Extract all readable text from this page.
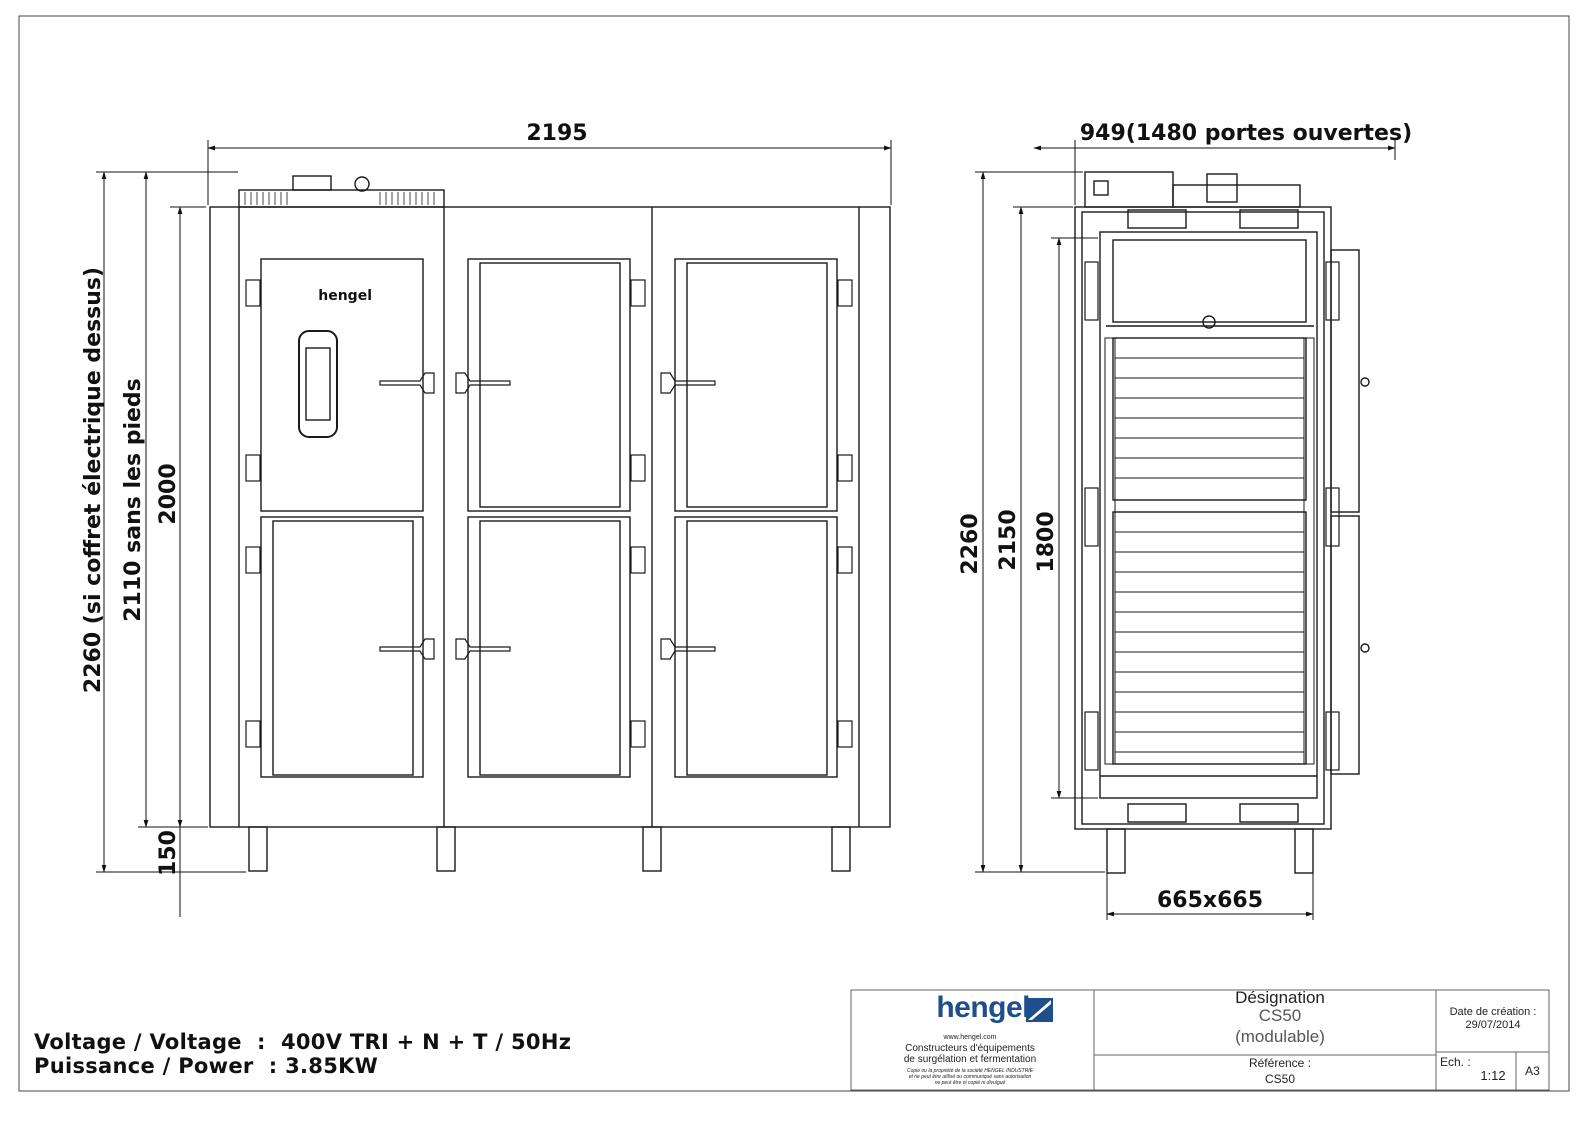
hengel
2195
2260 (si coffret électrique dessus) 2110 sans les pieds 2000
150
949(1480 portes ouvertes)
2260 2150 1800
665x665
Voltage / Voltage  :  400V TRI + N + T / 50Hz
Puissance / Power  : 3.85KW
hengel
www.hengel.com
Constructeurs d'équipements
de surgélation et fermentation
Copie ou la propriété de la société HENGEL INDUSTRIE
et ne peut être utilisé ou communiqué sans autorisation
ne peut être ni copié ni divulgué
Désignation
CS50
(modulable)
Référence :
CS50
Date de création :
29/07/2014
Ech. :
1:12	A3
